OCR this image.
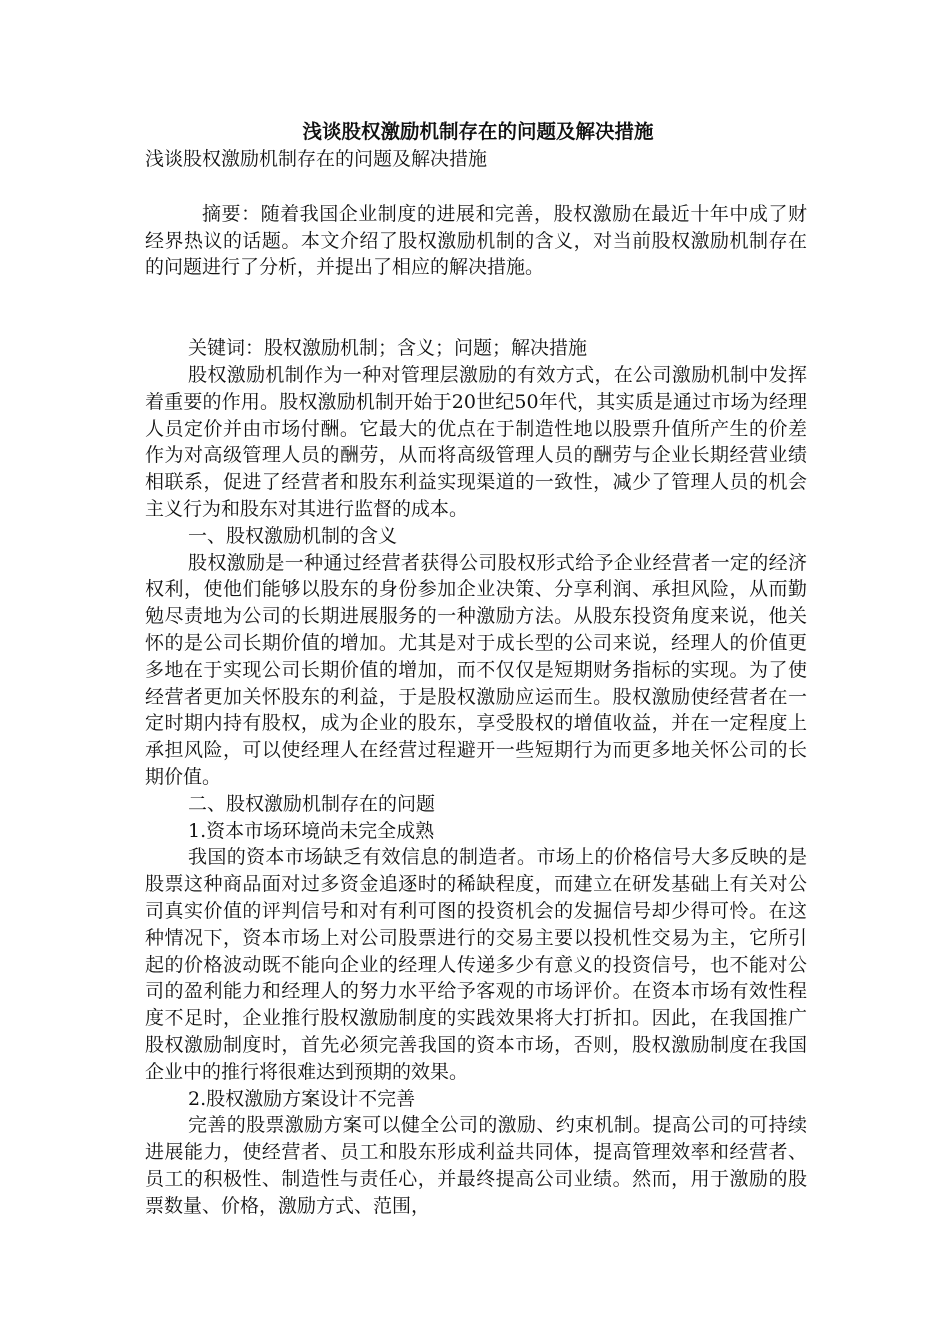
浅谈股权激励机制存在的问题及解决措施

浅谈股权激励机制存在的问题及解决措施

摘要：随着我国企业制度的进展和完善，股权激励在最近十年中成了财经界热议的话题。本文介绍了股权激励机制的含义，对当前股权激励机制存在的问题进行了分析，并提出了相应的解决措施。

关键词：股权激励机制；含义；问题；解决措施

股权激励机制作为一种对管理层激励的有效方式，在公司激励机制中发挥着重要的作用。股权激励机制开始于20世纪50年代，其实质是通过市场为经理人员定价并由市场付酬。它最大的优点在于制造性地以股票升值所产生的价差作为对高级管理人员的酬劳，从而将高级管理人员的酬劳与企业长期经营业绩相联系，促进了经营者和股东利益实现渠道的一致性，减少了管理人员的机会主义行为和股东对其进行监督的成本。

一、股权激励机制的含义

股权激励是一种通过经营者获得公司股权形式给予企业经营者一定的经济权利，使他们能够以股东的身份参加企业决策、分享利润、承担风险，从而勤勉尽责地为公司的长期进展服务的一种激励方法。从股东投资角度来说，他关怀的是公司长期价值的增加。尤其是对于成长型的公司来说，经理人的价值更多地在于实现公司长期价值的增加，而不仅仅是短期财务指标的实现。为了使经营者更加关怀股东的利益，于是股权激励应运而生。股权激励使经营者在一定时期内持有股权，成为企业的股东，享受股权的增值收益，并在一定程度上承担风险，可以使经理人在经营过程避开一些短期行为而更多地关怀公司的长期价值。

二、股权激励机制存在的问题

1.资本市场环境尚未完全成熟

我国的资本市场缺乏有效信息的制造者。市场上的价格信号大多反映的是股票这种商品面对过多资金追逐时的稀缺程度，而建立在研发基础上有关对公司真实价值的评判信号和对有利可图的投资机会的发掘信号却少得可怜。在这种情况下，资本市场上对公司股票进行的交易主要以投机性交易为主，它所引起的价格波动既不能向企业的经理人传递多少有意义的投资信号，也不能对公司的盈利能力和经理人的努力水平给予客观的市场评价。在资本市场有效性程度不足时，企业推行股权激励制度的实践效果将大打折扣。因此，在我国推广股权激励制度时，首先必须完善我国的资本市场，否则，股权激励制度在我国企业中的推行将很难达到预期的效果。

2.股权激励方案设计不完善

完善的股票激励方案可以健全公司的激励、约束机制。提高公司的可持续进展能力，使经营者、员工和股东形成利益共同体，提高管理效率和经营者、员工的积极性、制造性与责任心，并最终提高公司业绩。然而，用于激励的股票数量、价格，激励方式、范围，
